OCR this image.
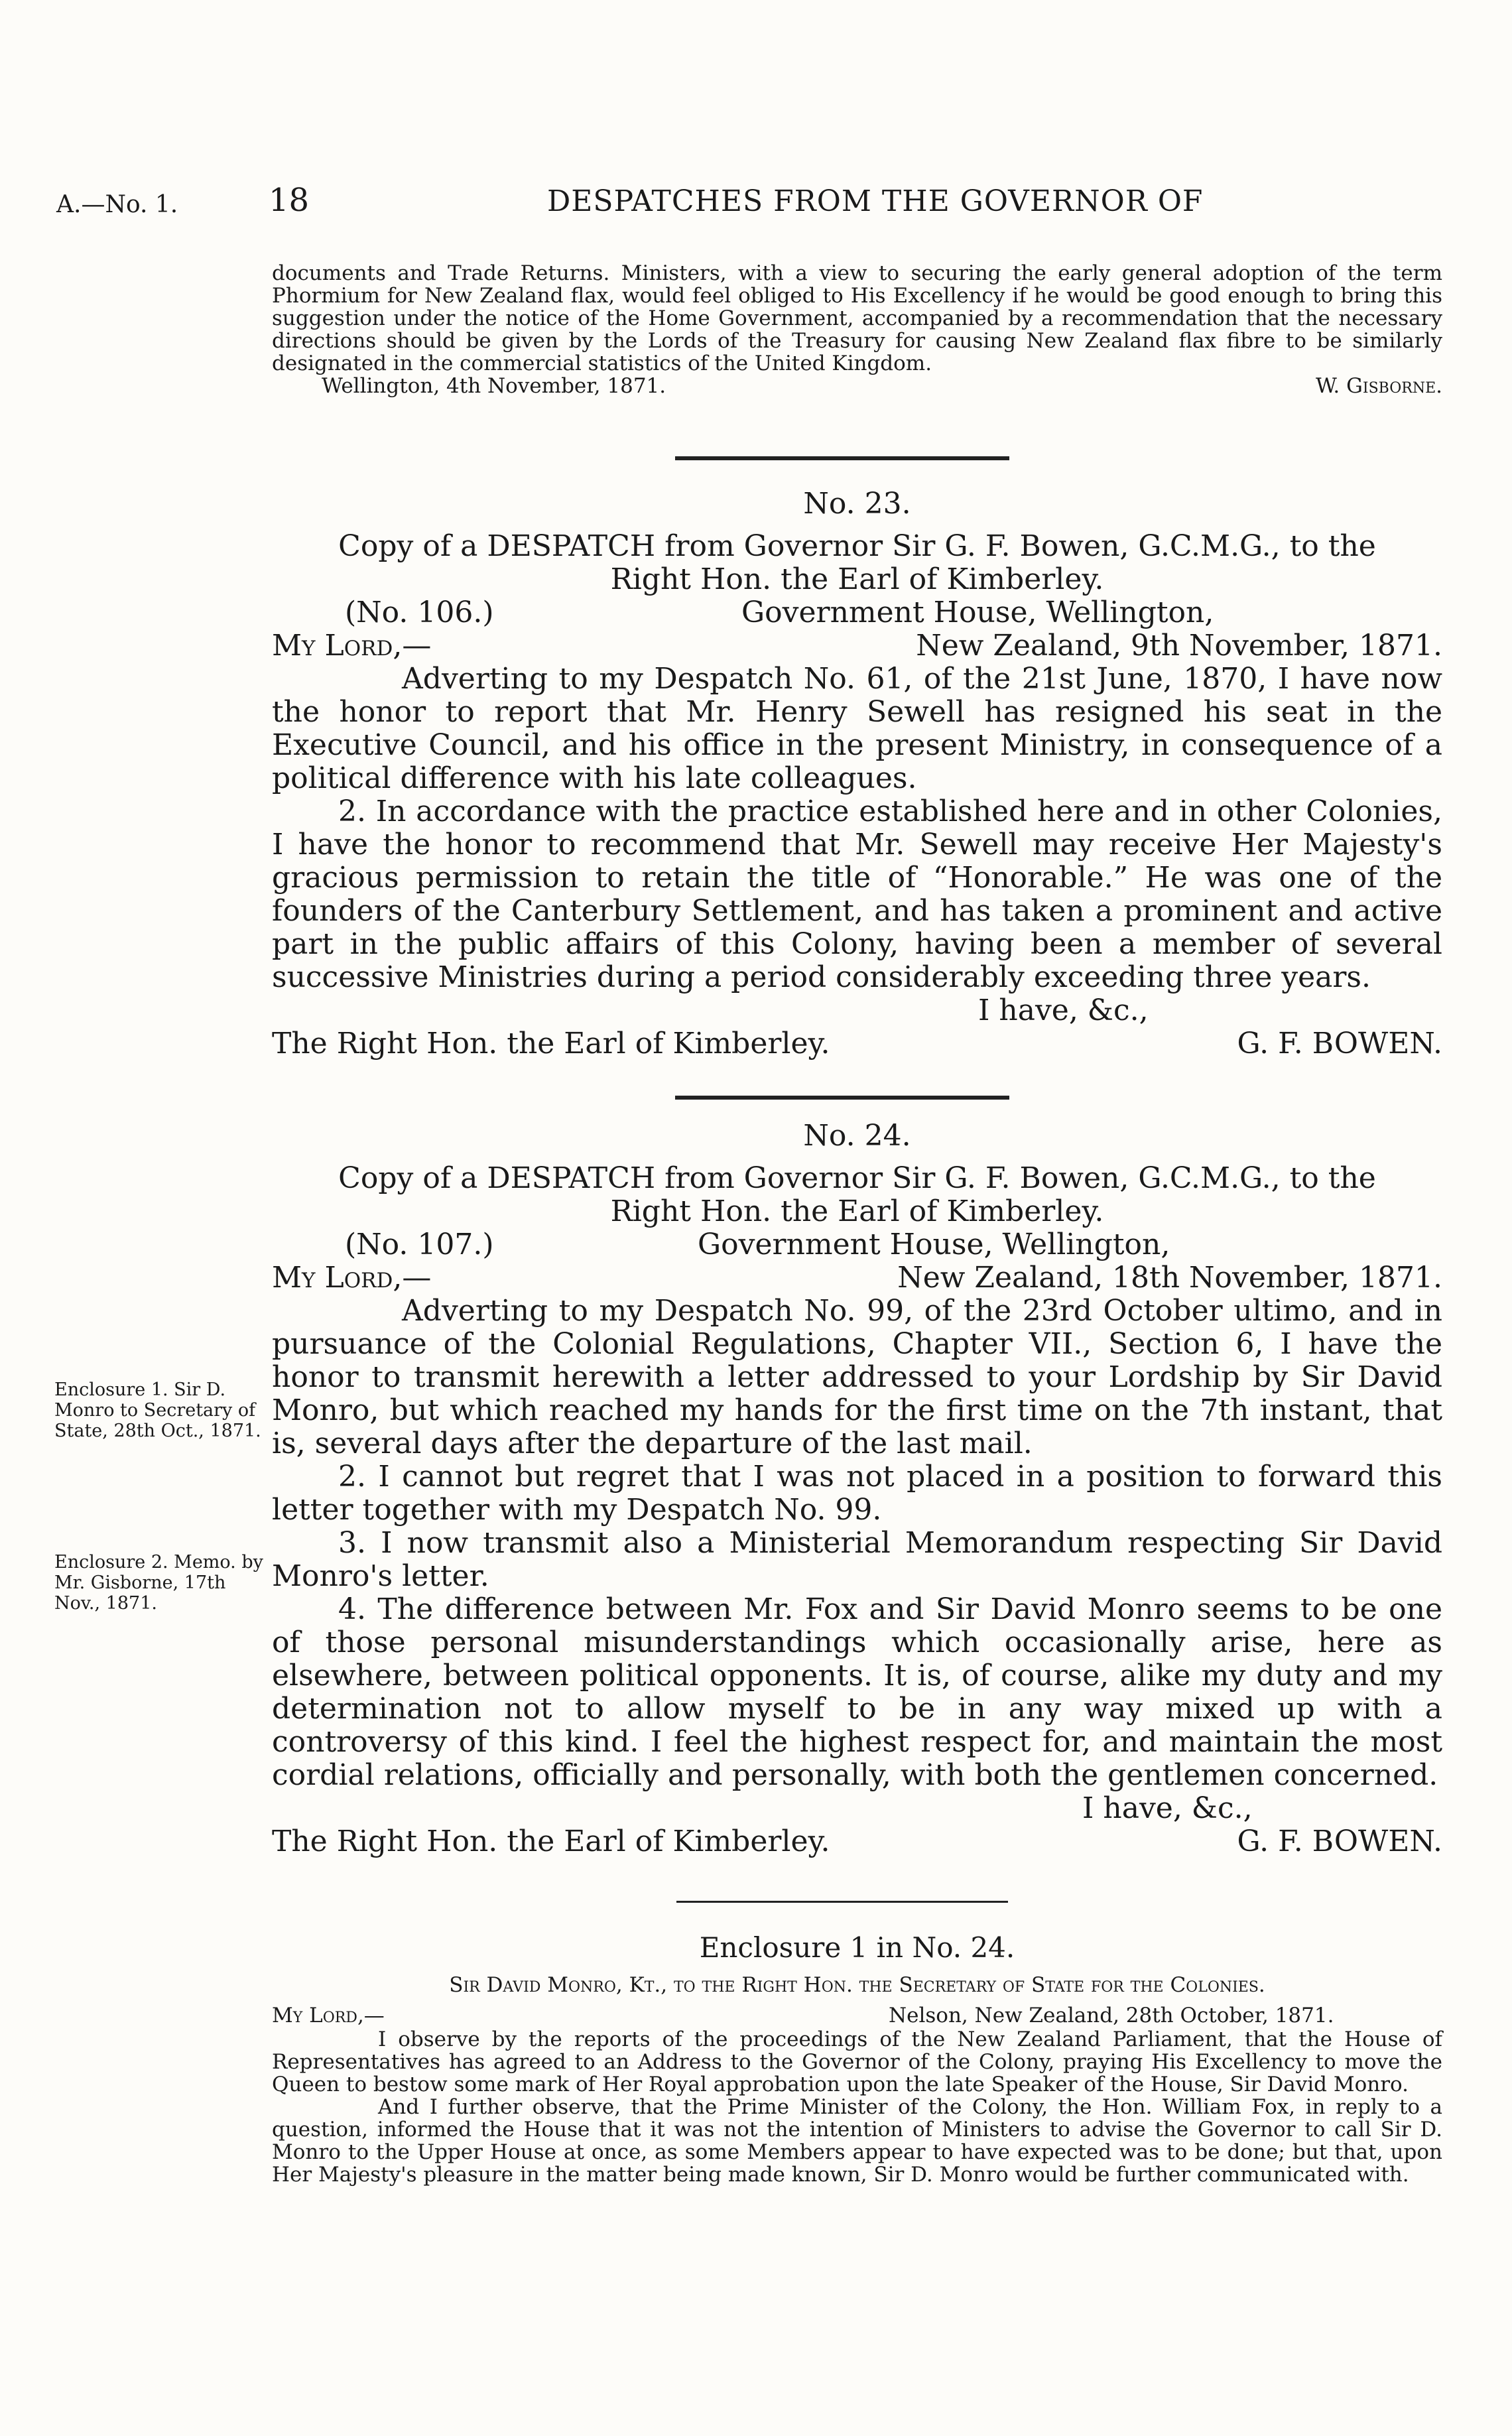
A.—No. 1.	18	DESPATCHES FROM THE GOVERNOR OF
documents and Trade Returns. Ministers, with a view to securing the early general adoption of the term Phormium for New Zealand flax, would feel obliged to His Excellency if he would be good enough to bring this suggestion under the notice of the Home Government, accompanied by a recommendation that the necessary directions should be given by the Lords of the Treasury for causing New Zealand flax fibre to be similarly designated in the commercial statistics of the United Kingdom.
Wellington, 4th November, 1871.	W. Gisborne.
No. 23.
Copy of a DESPATCH from Governor Sir G. F. Bowen, G.C.M.G., to the
Right Hon. the Earl of Kimberley.
(No. 106.)	Government House, Wellington,
My Lord,—	New Zealand, 9th November, 1871.
Adverting to my Despatch No. 61, of the 21st June, 1870, I have now the honor to report that Mr. Henry Sewell has resigned his seat in the Executive Council, and his office in the present Ministry, in consequence of a political difference with his late colleagues.
2. In accordance with the practice established here and in other Colonies, I have the honor to recommend that Mr. Sewell may receive Her Majesty's gracious permission to retain the title of “Honorable.” He was one of the founders of the Canterbury Settlement, and has taken a prominent and active part in the public affairs of this Colony, having been a member of several successive Ministries during a period considerably exceeding three years.
I have, &c.,
The Right Hon. the Earl of Kimberley.	G. F. BOWEN.
No. 24.
Copy of a DESPATCH from Governor Sir G. F. Bowen, G.C.M.G., to the
Right Hon. the Earl of Kimberley.
(No. 107.)	Government House, Wellington,
My Lord,—	New Zealand, 18th November, 1871.
Adverting to my Despatch No. 99, of the 23rd October ultimo, and in pursuance of the Colonial Regulations, Chapter VII., Section 6, I have the honor to transmit herewith a letter addressed to your Lordship by Sir David Monro, but which reached my hands for the first time on the 7th instant, that is, several days after the departure of the last mail.
2. I cannot but regret that I was not placed in a position to forward this letter together with my Despatch No. 99.
3. I now transmit also a Ministerial Memorandum respecting Sir David Monro's letter.
4. The difference between Mr. Fox and Sir David Monro seems to be one of those personal misunderstandings which occasionally arise, here as elsewhere, between political opponents. It is, of course, alike my duty and my determination not to allow myself to be in any way mixed up with a controversy of this kind. I feel the highest respect for, and maintain the most cordial relations, officially and personally, with both the gentlemen concerned.
I have, &c.,
The Right Hon. the Earl of Kimberley.	G. F. BOWEN.
Enclosure 1. Sir D. Monro to Secretary of State, 28th Oct., 1871.
Enclosure 2. Memo. by Mr. Gisborne, 17th Nov., 1871.
Enclosure 1 in No. 24.
Sir David Monro, Kt., to the Right Hon. the Secretary of State for the Colonies.
My Lord,—	Nelson, New Zealand, 28th October, 1871.
I observe by the reports of the proceedings of the New Zealand Parliament, that the House of Representatives has agreed to an Address to the Governor of the Colony, praying His Excellency to move the Queen to bestow some mark of Her Royal approbation upon the late Speaker of the House, Sir David Monro.
And I further observe, that the Prime Minister of the Colony, the Hon. William Fox, in reply to a question, informed the House that it was not the intention of Ministers to advise the Governor to call Sir D. Monro to the Upper House at once, as some Members appear to have expected was to be done; but that, upon Her Majesty's pleasure in the matter being made known, Sir D. Monro would be further communicated with.
